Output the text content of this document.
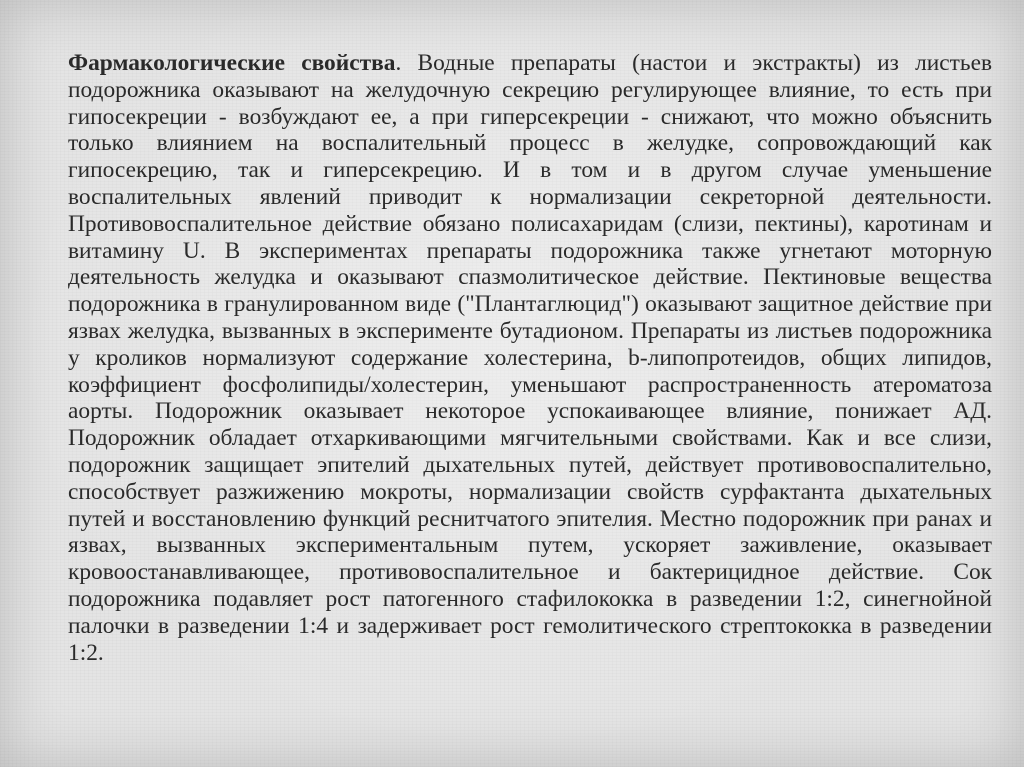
Фармакологические свойства. Водные препараты (настои и экстракты) из листьев подорожника оказывают на желудочную секрецию регулирующее влияние, то есть при гипосекреции - возбуждают ее, а при гиперсекреции - снижают, что можно объяснить только влиянием на воспалительный процесс в желудке, сопровождающий как гипосекрецию, так и гиперсекрецию. И в том и в другом случае уменьшение воспалительных явлений приводит к нормализации секреторной деятельности. Противовоспалительное действие обязано полисахаридам (слизи, пектины), каротинам и витамину U. В экспериментах препараты подорожника также угнетают моторную деятельность желудка и оказывают спазмолитическое действие. Пектиновые вещества подорожника в гранулированном виде ("Плантаглюцид") оказывают защитное действие при язвах желудка, вызванных в эксперименте бутадионом. Препараты из листьев подорожника у кроликов нормализуют содержание холестерина, b-липопротеидов, общих липидов, коэффициент фосфолипиды/холестерин, уменьшают распространенность атероматоза аорты. Подорожник оказывает некоторое успокаивающее влияние, понижает АД. Подорожник обладает отхаркивающими мягчительными свойствами. Как и все слизи, подорожник защищает эпителий дыхательных путей, действует противовоспалительно, способствует разжижению мокроты, нормализации свойств сурфактанта дыхательных путей и восстановлению функций реснитчатого эпителия. Местно подорожник при ранах и язвах, вызванных экспериментальным путем, ускоряет заживление, оказывает кровоостанавливающее, противовоспалительное и бактерицидное действие. Сок подорожника подавляет рост патогенного стафилококка в разведении 1:2, синегнойной палочки в разведении 1:4 и задерживает рост гемолитического стрептококка в разведении 1:2.
